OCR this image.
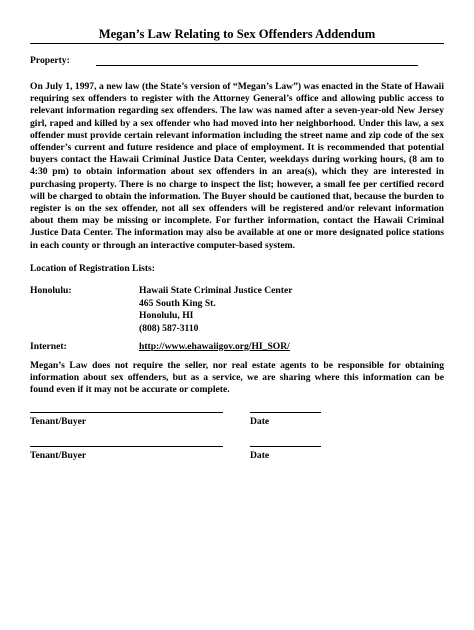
Megan’s Law Relating to Sex Offenders Addendum
Property:
On July 1, 1997, a new law (the State’s version of “Megan’s Law”) was enacted in the State of Hawaii requiring sex offenders to register with the Attorney General’s office and allowing public access to relevant information regarding sex offenders. The law was named after a seven-year-old New Jersey girl, raped and killed by a sex offender who had moved into her neighborhood. Under this law, a sex offender must provide certain relevant information including the street name and zip code of the sex offender’s current and future residence and place of employment. It is recommended that potential buyers contact the Hawaii Criminal Justice Data Center, weekdays during working hours, (8 am to 4:30 pm) to obtain information about sex offenders in an area(s), which they are interested in purchasing property. There is no charge to inspect the list; however, a small fee per certified record will be charged to obtain the information. The Buyer should be cautioned that, because the burden to register is on the sex offender, not all sex offenders will be registered and/or relevant information about them may be missing or incomplete. For further information, contact the Hawaii Criminal Justice Data Center. The information may also be available at one or more designated police stations in each county or through an interactive computer-based system.
Location of Registration Lists:
Honolulu:	Hawaii State Criminal Justice Center
465 South King St.
Honolulu, HI
(808) 587-3110
Internet:	http://www.ehawaiigov.org/HI_SOR/
Megan’s Law does not require the seller, nor real estate agents to be responsible for obtaining information about sex offenders, but as a service, we are sharing where this information can be found even if it may not be accurate or complete.
Tenant/Buyer	Date
Tenant/Buyer	Date
